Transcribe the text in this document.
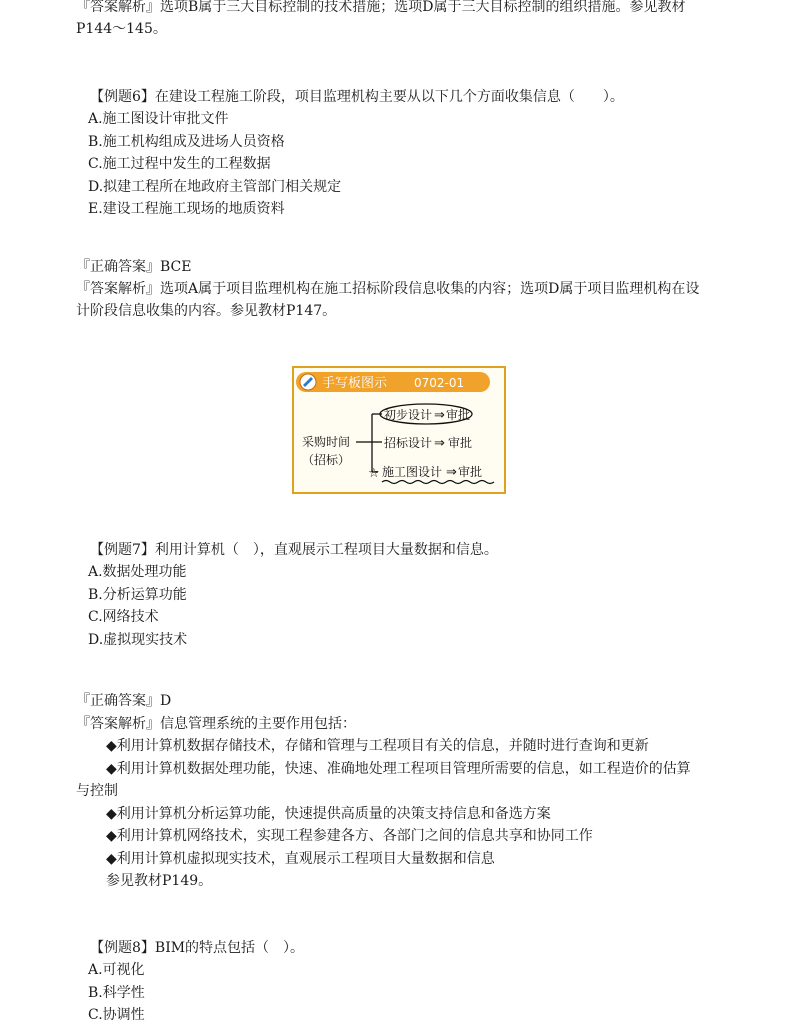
『答案解析』选项B属于三大目标控制的技术措施；选项D属于三大目标控制的组织措施。参见教材
P144～145。
【例题6】在建设工程施工阶段，项目监理机构主要从以下几个方面收集信息（　　）。
A.施工图设计审批文件
B.施工机构组成及进场人员资格
C.施工过程中发生的工程数据
D.拟建工程所在地政府主管部门相关规定
E.建设工程施工现场的地质资料
『正确答案』BCE
『答案解析』选项A属于项目监理机构在施工招标阶段信息收集的内容；选项D属于项目监理机构在设
计阶段信息收集的内容。参见教材P147。
手写板图示 0702-01
采购时间
（招标）
初步设计 ⇒ 审批
招标设计 ⇒ 审批
☆ 施工图设计 ⇒ 审批
【例题7】利用计算机（　），直观展示工程项目大量数据和信息。
A.数据处理功能
B.分析运算功能
C.网络技术
D.虚拟现实技术
『正确答案』D
『答案解析』信息管理系统的主要作用包括：
◆利用计算机数据存储技术，存储和管理与工程项目有关的信息，并随时进行查询和更新
◆利用计算机数据处理功能，快速、准确地处理工程项目管理所需要的信息，如工程造价的估算
与控制
◆利用计算机分析运算功能，快速提供高质量的决策支持信息和备选方案
◆利用计算机网络技术，实现工程参建各方、各部门之间的信息共享和协同工作
◆利用计算机虚拟现实技术，直观展示工程项目大量数据和信息
参见教材P149。
【例题8】BIM的特点包括（　）。
A.可视化
B.科学性
C.协调性
